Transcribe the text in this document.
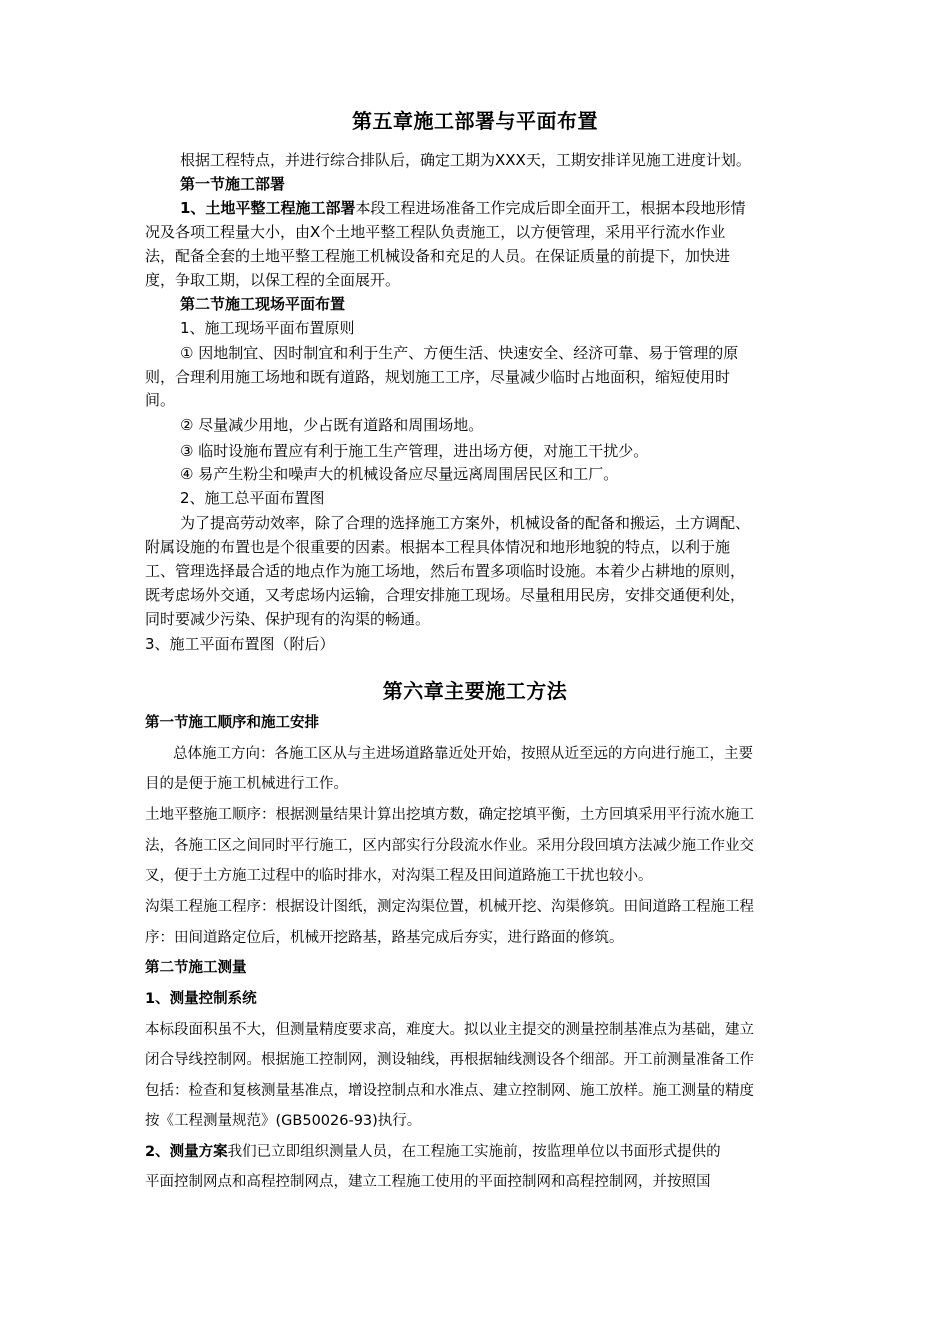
第五章施工部署与平面布置
根据工程特点，并进行综合排队后，确定工期为XXX天，工期安排详见施工进度计划。
第一节施工部署
1、土地平整工程施工部署本段工程进场准备工作完成后即全面开工，根据本段地形情
况及各项工程量大小，由X个土地平整工程队负责施工，以方便管理，采用平行流水作业
法，配备全套的土地平整工程施工机械设备和充足的人员。在保证质量的前提下，加快进
度，争取工期，以保工程的全面展开。
第二节施工现场平面布置
1、施工现场平面布置原则
① 因地制宜、因时制宜和利于生产、方便生活、快速安全、经济可靠、易于管理的原
则，合理利用施工场地和既有道路，规划施工工序，尽量减少临时占地面积，缩短使用时
间。
② 尽量减少用地，少占既有道路和周围场地。
③ 临时设施布置应有利于施工生产管理，进出场方便，对施工干扰少。
④ 易产生粉尘和噪声大的机械设备应尽量远离周围居民区和工厂。
2、施工总平面布置图
为了提高劳动效率，除了合理的选择施工方案外，机械设备的配备和搬运，土方调配、
附属设施的布置也是个很重要的因素。根据本工程具体情况和地形地貌的特点，以利于施
工、管理选择最合适的地点作为施工场地，然后布置多项临时设施。本着少占耕地的原则，
既考虑场外交通，又考虑场内运输，合理安排施工现场。尽量租用民房，安排交通便利处，
同时要减少污染、保护现有的沟渠的畅通。
3、施工平面布置图（附后）
第六章主要施工方法
第一节施工顺序和施工安排
总体施工方向：各施工区从与主进场道路靠近处开始，按照从近至远的方向进行施工，主要
目的是便于施工机械进行工作。
土地平整施工顺序：根据测量结果计算出挖填方数，确定挖填平衡，土方回填采用平行流水施工
法，各施工区之间同时平行施工，区内部实行分段流水作业。采用分段回填方法减少施工作业交
叉，便于土方施工过程中的临时排水，对沟渠工程及田间道路施工干扰也较小。
沟渠工程施工程序：根据设计图纸，测定沟渠位置，机械开挖、沟渠修筑。田间道路工程施工程
序：田间道路定位后，机械开挖路基，路基完成后夯实，进行路面的修筑。
第二节施工测量
1、测量控制系统
本标段面积虽不大，但测量精度要求高，难度大。拟以业主提交的测量控制基准点为基础，建立
闭合导线控制网。根据施工控制网，测设轴线，再根据轴线测设各个细部。开工前测量准备工作
包括：检查和复核测量基准点，增设控制点和水准点、建立控制网、施工放样。施工测量的精度
按《工程测量规范》(GB50026-93)执行。
2、测量方案我们已立即组织测量人员，在工程施工实施前，按监理单位以书面形式提供的
平面控制网点和高程控制网点，建立工程施工使用的平面控制网和高程控制网，并按照国
